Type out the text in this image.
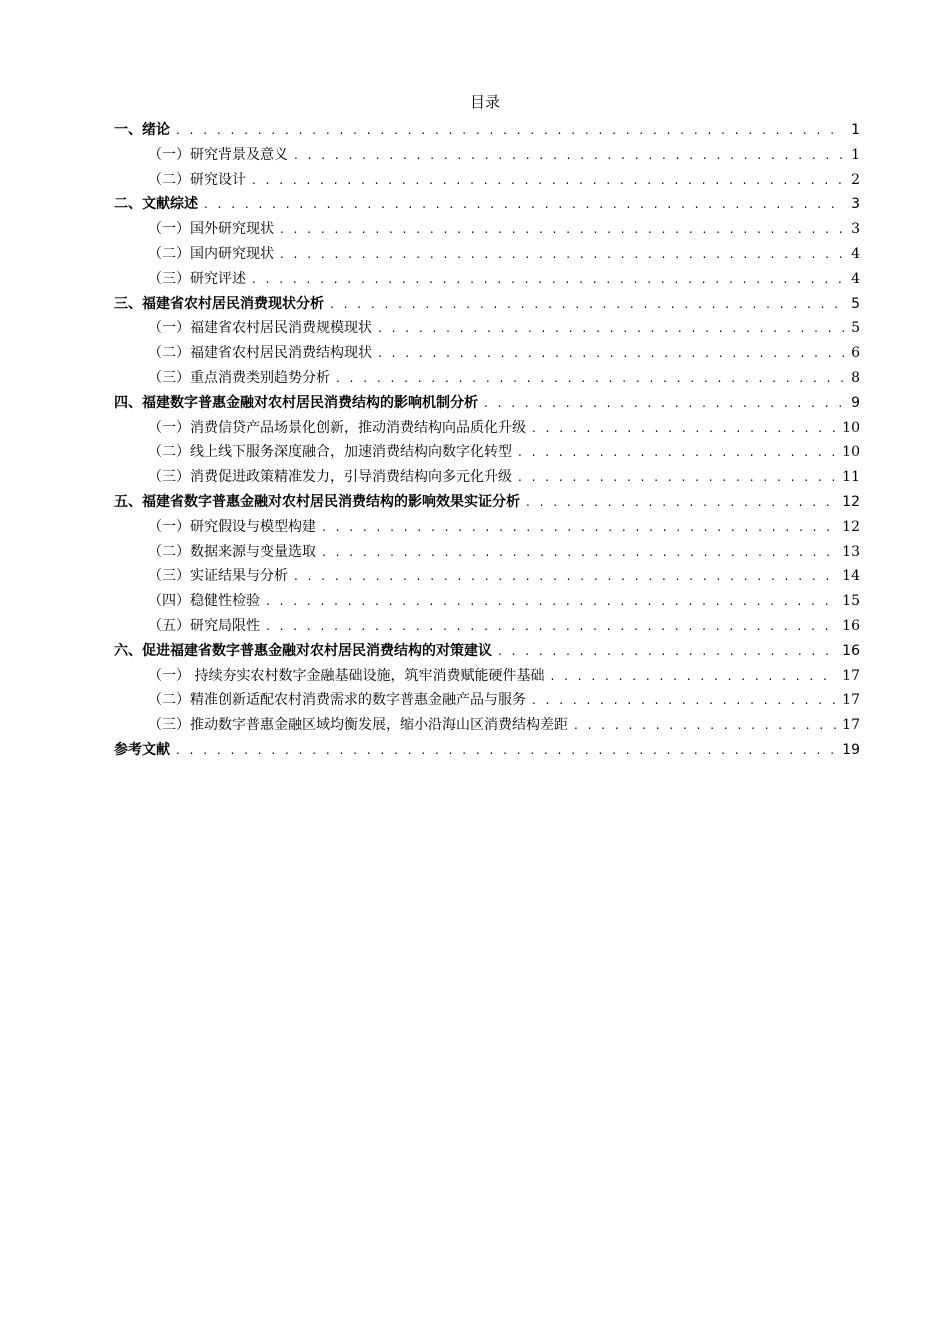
目录
一、绪论 . . .	1
（一）研究背景及意义 . . .	1
（二）研究设计 . . .	2
二、文献综述 . . .	3
（一）国外研究现状 . . .	3
（二）国内研究现状 . . .	4
（三）研究评述 . . .	4
三、福建省农村居民消费现状分析 . . .	5
（一）福建省农村居民消费规模现状 . . .	5
（二）福建省农村居民消费结构现状 . . .	6
（三）重点消费类别趋势分析 . . .	8
四、福建数字普惠金融对农村居民消费结构的影响机制分析 . . .	9
（一）消费信贷产品场景化创新，推动消费结构向品质化升级 . . .	10
（二）线上线下服务深度融合，加速消费结构向数字化转型 . . .	10
（三）消费促进政策精准发力，引导消费结构向多元化升级 . . .	11
五、福建省数字普惠金融对农村居民消费结构的影响效果实证分析 . . .	12
（一）研究假设与模型构建 . . .	12
（二）数据来源与变量选取 . . .	13
（三）实证结果与分析 . . .	14
（四）稳健性检验 . . .	15
（五）研究局限性 . . .	16
六、促进福建省数字普惠金融对农村居民消费结构的对策建议 . . .	16
（一） 持续夯实农村数字金融基础设施，筑牢消费赋能硬件基础 . . .	17
（二）精准创新适配农村消费需求的数字普惠金融产品与服务 . . .	17
（三）推动数字普惠金融区域均衡发展，缩小沿海山区消费结构差距 . . .	17
参考文献 . . .	19
